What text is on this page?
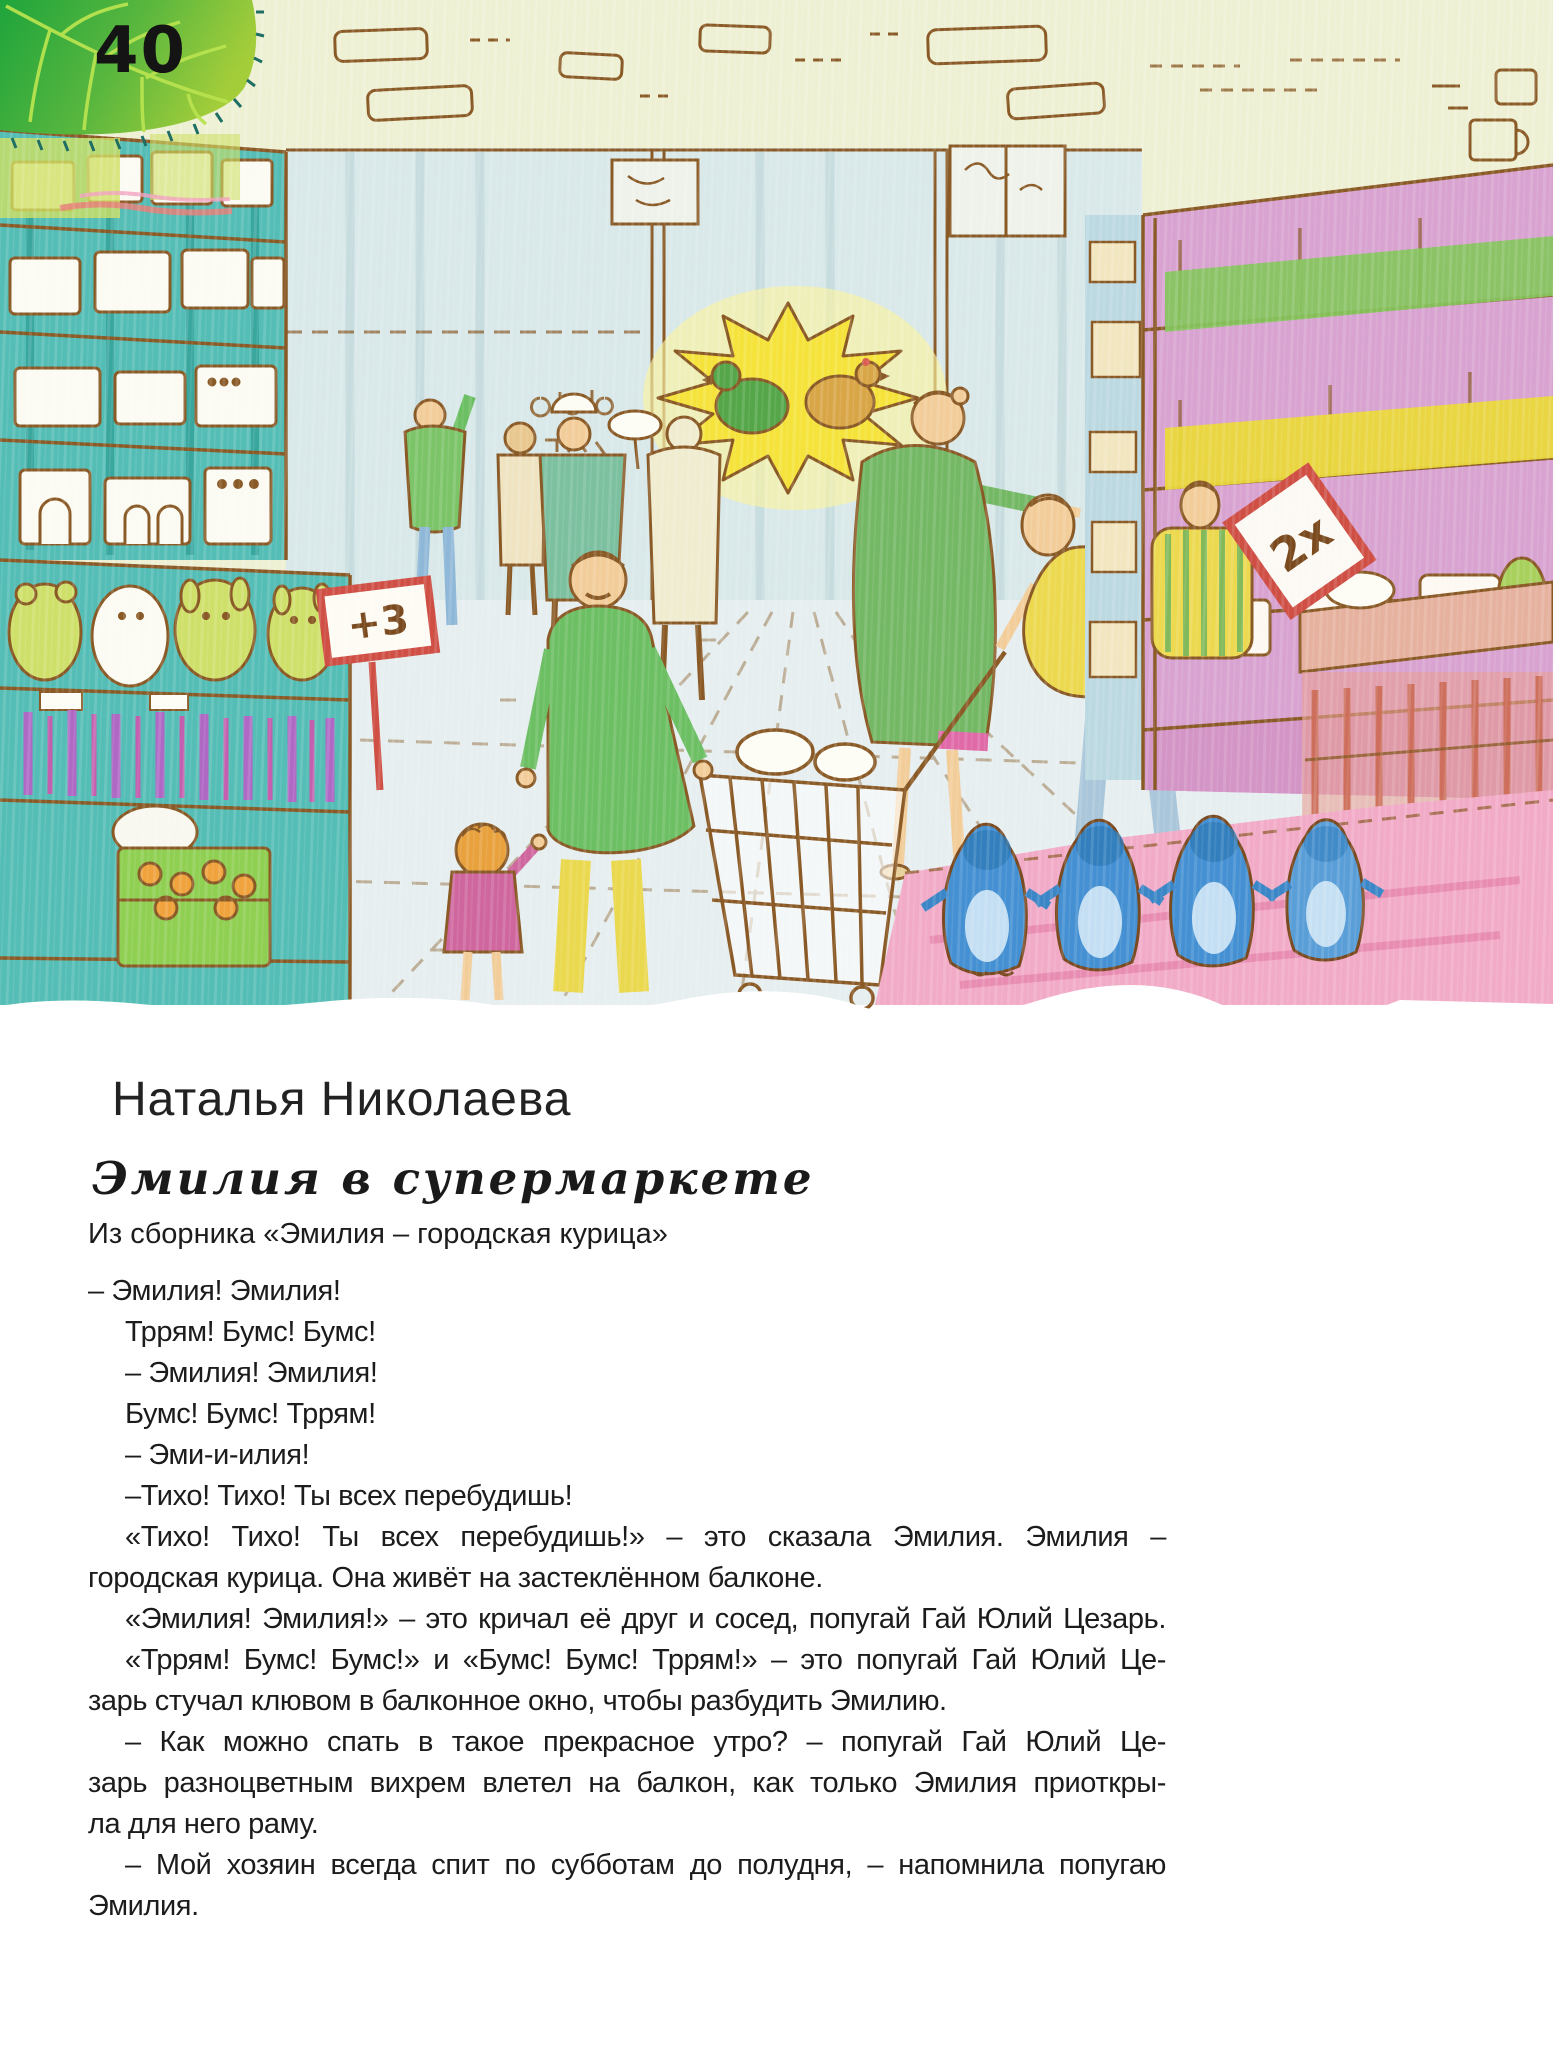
40
Наталья Николаева
Эмилия в супермаркете
Из сборника «Эмилия – городская курица»
– Эмилия! Эмилия!
Тррям! Бумс! Бумс!
– Эмилия! Эмилия!
Бумс! Бумс! Тррям!
– Эми-и-илия!
–Тихо! Тихо! Ты всех перебудишь!
«Тихо! Тихо! Ты всех перебудишь!» – это сказала Эмилия. Эмилия –
городская курица. Она живёт на застеклённом балконе.
«Эмилия! Эмилия!» – это кричал её друг и сосед, попугай Гай Юлий Цезарь.
«Тррям! Бумс! Бумс!» и «Бумс! Бумс! Тррям!» – это попугай Гай Юлий Це-
зарь стучал клювом в балконное окно, чтобы разбудить Эмилию.
– Как можно спать в такое прекрасное утро? – попугай Гай Юлий Це-
зарь разноцветным вихрем влетел на балкон, как только Эмилия приоткры-
ла для него раму.
– Мой хозяин всегда спит по субботам до полудня, – напомнила попугаю
Эмилия.
